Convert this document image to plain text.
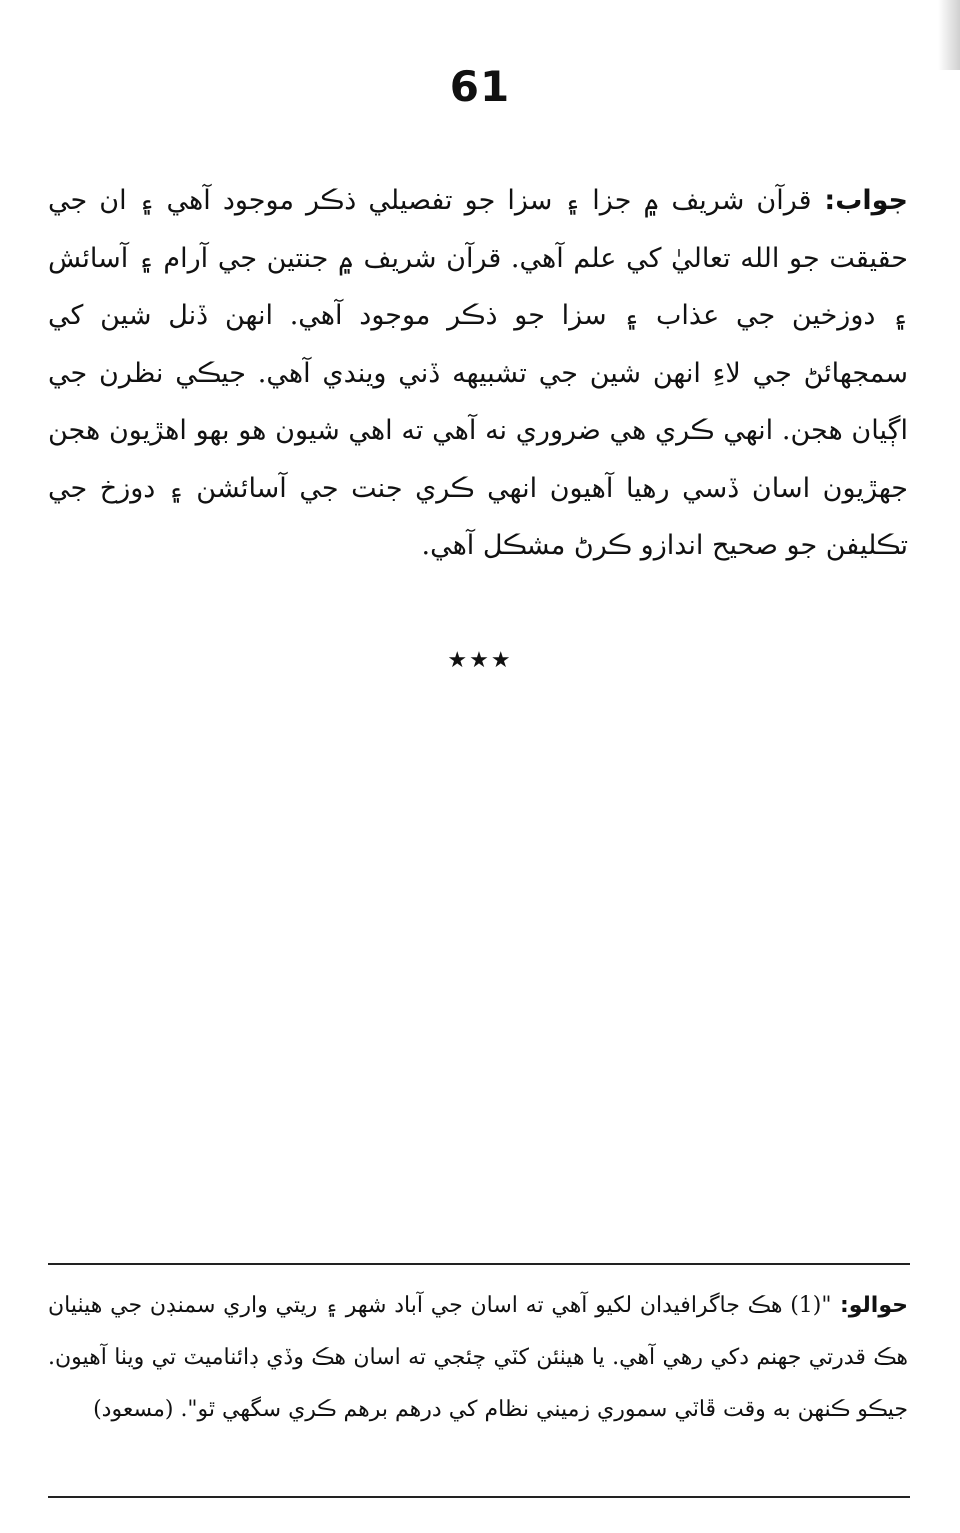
61
جواب: قرآن شريف ۾ جزا ۽ سزا جو تفصيلي ذڪر موجود آهي ۽ ان جي حقيقت جو الله تعاليٰ کي علم آهي. قرآن شريف ۾ جنتين جي آرام ۽ آسائش ۽ دوزخين جي عذاب ۽ سزا جو ذڪر موجود آهي. انهن ڏنل شين کي سمجهائڻ جي لاءِ انهن شين جي تشبيهه ڏني ويندي آهي. جيڪي نظرن جي اڳيان هجن. انهي ڪري هي ضروري نه آهي ته اهي شيون هو بهو اهڙيون هجن جهڙيون اسان ڏسي رهيا آهيون انهي ڪري جنت جي آسائشن ۽ دوزخ جي تڪليفن جو صحيح اندازو ڪرڻ مشڪل آهي.
★★★
حوالو: "(1) هڪ جاگرافيدان لکيو آهي ته اسان جي آباد شهر ۽ ريتي واري سمنڊن جي هيٺيان هڪ قدرتي جهنم دکي رهي آهي. يا هيٺئن کٽي چئجي ته اسان هڪ وڏي ڊائناميٽ تي ويٺا آهيون. جيڪو ڪنهن به وقت ڦاٽي سموري زميني نظام کي درهم برهم ڪري سگهي ٿو". (مسعود)
